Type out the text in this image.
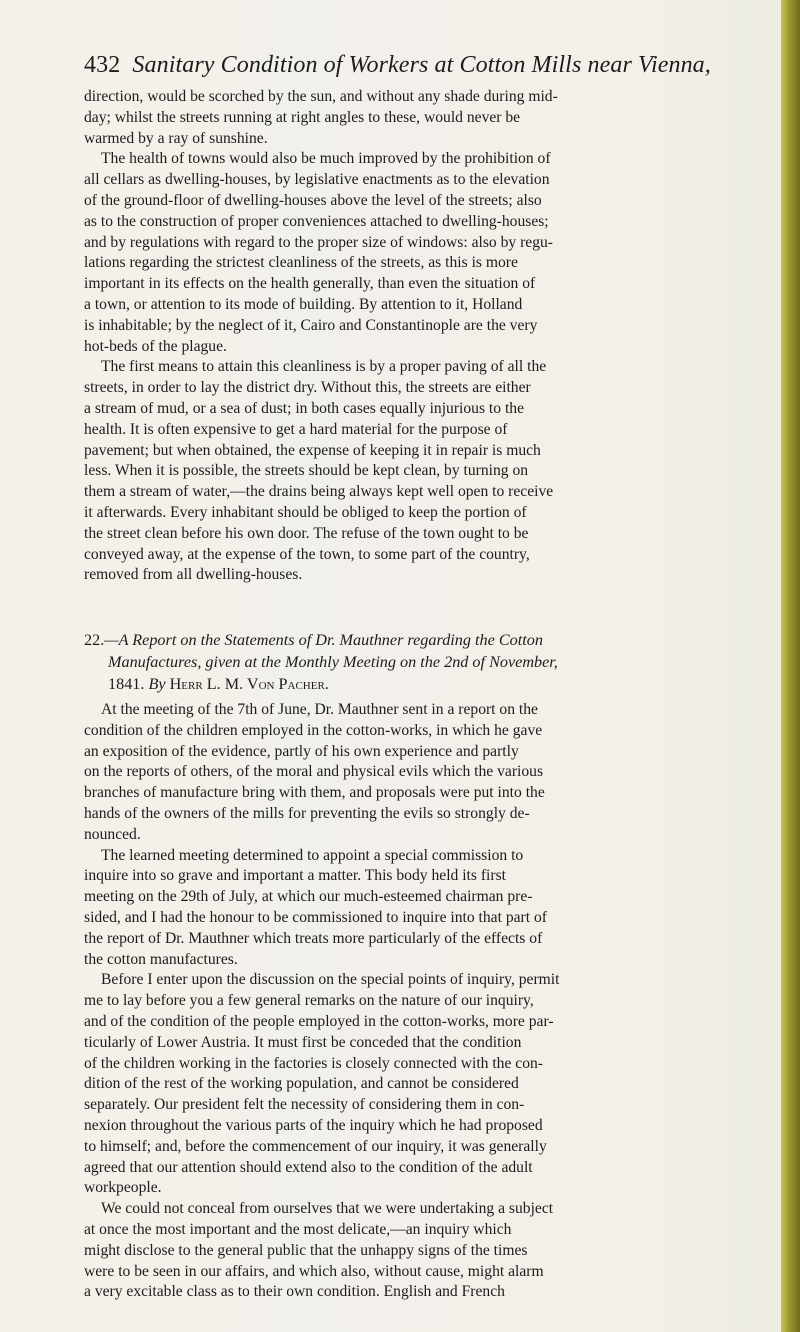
432 Sanitary Condition of Workers at Cotton Mills near Vienna,
direction, would be scorched by the sun, and without any shade during mid-
day; whilst the streets running at right angles to these, would never be
warmed by a ray of sunshine.
The health of towns would also be much improved by the prohibition of
all cellars as dwelling-houses, by legislative enactments as to the elevation
of the ground-floor of dwelling-houses above the level of the streets; also
as to the construction of proper conveniences attached to dwelling-houses;
and by regulations with regard to the proper size of windows: also by regu-
lations regarding the strictest cleanliness of the streets, as this is more
important in its effects on the health generally, than even the situation of
a town, or attention to its mode of building. By attention to it, Holland
is inhabitable; by the neglect of it, Cairo and Constantinople are the very
hot-beds of the plague.
The first means to attain this cleanliness is by a proper paving of all the
streets, in order to lay the district dry. Without this, the streets are either
a stream of mud, or a sea of dust; in both cases equally injurious to the
health. It is often expensive to get a hard material for the purpose of
pavement; but when obtained, the expense of keeping it in repair is much
less. When it is possible, the streets should be kept clean, by turning on
them a stream of water,—the drains being always kept well open to receive
it afterwards. Every inhabitant should be obliged to keep the portion of
the street clean before his own door. The refuse of the town ought to be
conveyed away, at the expense of the town, to some part of the country,
removed from all dwelling-houses.
22.—A Report on the Statements of Dr. Mauthner regarding the Cotton
Manufactures, given at the Monthly Meeting on the 2nd of November,
1841. By Herr L. M. Von Pacher.
At the meeting of the 7th of June, Dr. Mauthner sent in a report on the
condition of the children employed in the cotton-works, in which he gave
an exposition of the evidence, partly of his own experience and partly
on the reports of others, of the moral and physical evils which the various
branches of manufacture bring with them, and proposals were put into the
hands of the owners of the mills for preventing the evils so strongly de-
nounced.
The learned meeting determined to appoint a special commission to
inquire into so grave and important a matter. This body held its first
meeting on the 29th of July, at which our much-esteemed chairman pre-
sided, and I had the honour to be commissioned to inquire into that part of
the report of Dr. Mauthner which treats more particularly of the effects of
the cotton manufactures.
Before I enter upon the discussion on the special points of inquiry, permit
me to lay before you a few general remarks on the nature of our inquiry,
and of the condition of the people employed in the cotton-works, more par-
ticularly of Lower Austria. It must first be conceded that the condition
of the children working in the factories is closely connected with the con-
dition of the rest of the working population, and cannot be considered
separately. Our president felt the necessity of considering them in con-
nexion throughout the various parts of the inquiry which he had proposed
to himself; and, before the commencement of our inquiry, it was generally
agreed that our attention should extend also to the condition of the adult
workpeople.
We could not conceal from ourselves that we were undertaking a subject
at once the most important and the most delicate,—an inquiry which
might disclose to the general public that the unhappy signs of the times
were to be seen in our affairs, and which also, without cause, might alarm
a very excitable class as to their own condition. English and French
